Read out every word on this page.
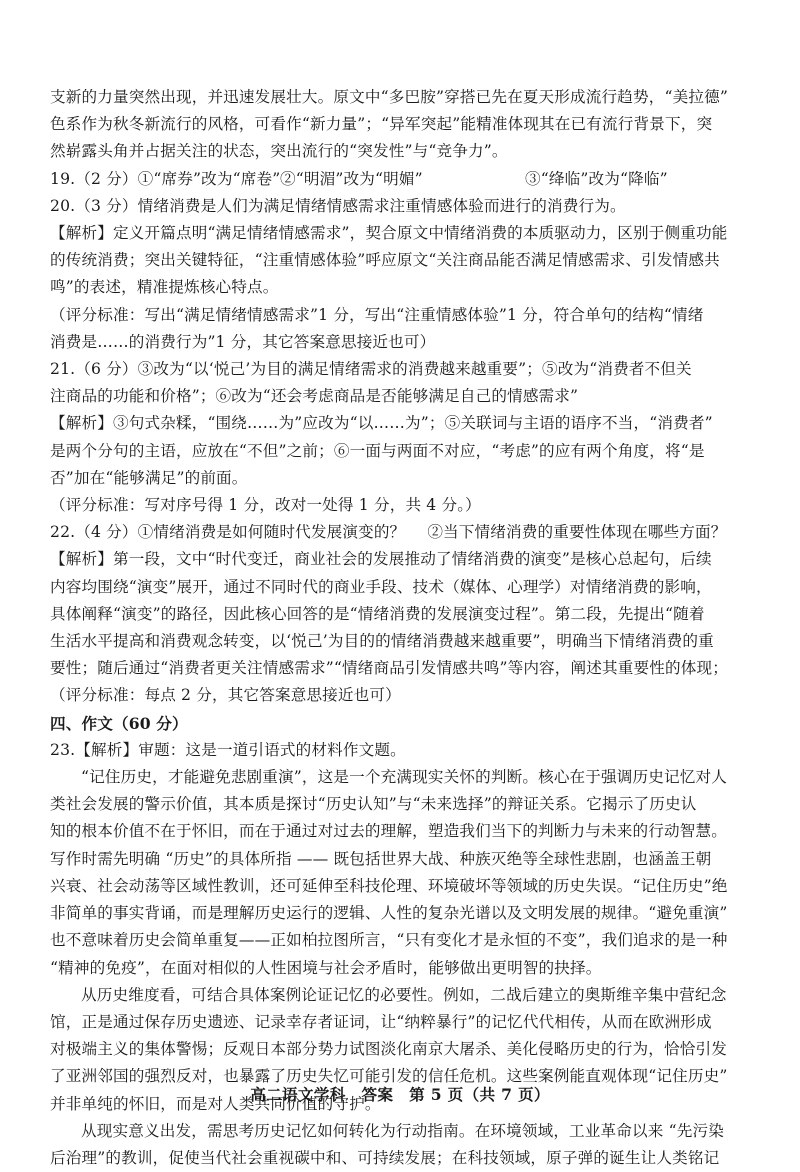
支新的力量突然出现，并迅速发展壮大。原文中“多巴胺”穿搭已先在夏天形成流行趋势，“美拉德”
色系作为秋冬新流行的风格，可看作“新力量”；“异军突起”能精准体现其在已有流行背景下，突
然崭露头角并占据关注的状态，突出流行的“突发性”与“竞争力”。
19.（2 分）①“席券”改为“席卷” ②“明湄”改为“明媚”	③“绛临”改为“降临”
20.（3 分）情绪消费是人们为满足情绪情感需求注重情感体验而进行的消费行为。
【解析】定义开篇点明“满足情绪情感需求”，契合原文中情绪消费的本质驱动力，区别于侧重功能
的传统消费；突出关键特征，“注重情感体验”呼应原文“关注商品能否满足情感需求、引发情感共
鸣”的表述，精准提炼核心特点。
（评分标准：写出“满足情绪情感需求”1 分，写出“注重情感体验”1 分，符合单句的结构“情绪
消费是……的消费行为”1 分，其它答案意思接近也可）
21.（6 分）③改为“以‘悦己’为目的满足情绪需求的消费越来越重要”；⑤改为“消费者不但关
注商品的功能和价格”；⑥改为“还会考虑商品是否能够满足自己的情感需求”
【解析】③句式杂糅，“围绕……为”应改为“以……为”；⑤关联词与主语的语序不当，“消费者”
是两个分句的主语，应放在“不但”之前；⑥一面与两面不对应，“考虑”的应有两个角度，将“是
否”加在“能够满足”的前面。
（评分标准：写对序号得 1 分，改对一处得 1 分，共 4 分。）
22.（4 分）①情绪消费是如何随时代发展演变的？ ②当下情绪消费的重要性体现在哪些方面？
【解析】第一段，文中“时代变迁，商业社会的发展推动了情绪消费的演变”是核心总起句，后续
内容均围绕“演变”展开，通过不同时代的商业手段、技术（媒体、心理学）对情绪消费的影响，
具体阐释“演变”的路径，因此核心回答的是“情绪消费的发展演变过程”。第二段，先提出“随着
生活水平提高和消费观念转变，以‘悦己’为目的的情绪消费越来越重要”，明确当下情绪消费的重
要性；随后通过“消费者更关注情感需求”“情绪商品引发情感共鸣”等内容，阐述其重要性的体现；
（评分标准：每点 2 分，其它答案意思接近也可）
四、作文（60 分）
23.【解析】审题：这是一道引语式的材料作文题。
“记住历史，才能避免悲剧重演”，这是一个充满现实关怀的判断。核心在于强调历史记忆对人
类社会发展的警示价值，其本质是探讨“历史认知”与“未来选择”的辩证关系。它揭示了历史认
知的根本价值不在于怀旧，而在于通过对过去的理解，塑造我们当下的判断力与未来的行动智慧。
写作时需先明确 “历史”的具体所指 —— 既包括世界大战、种族灭绝等全球性悲剧，也涵盖王朝
兴衰、社会动荡等区域性教训，还可延伸至科技伦理、环境破坏等领域的历史失误。“记住历史”绝
非简单的事实背诵，而是理解历史运行的逻辑、人性的复杂光谱以及文明发展的规律。“避免重演”
也不意味着历史会简单重复——正如柏拉图所言，“只有变化才是永恒的不变”，我们追求的是一种
“精神的免疫”，在面对相似的人性困境与社会矛盾时，能够做出更明智的抉择。
从历史维度看，可结合具体案例论证记忆的必要性。例如，二战后建立的奥斯维辛集中营纪念
馆，正是通过保存历史遗迹、记录幸存者证词，让“纳粹暴行”的记忆代代相传，从而在欧洲形成
对极端主义的集体警惕；反观日本部分势力试图淡化南京大屠杀、美化侵略历史的行为，恰恰引发
了亚洲邻国的强烈反对，也暴露了历史失忆可能引发的信任危机。这些案例能直观体现“记住历史”
并非单纯的怀旧，而是对人类共同价值的守护。
从现实意义出发，需思考历史记忆如何转化为行动指南。在环境领域，工业革命以来 “先污染
后治理”的教训，促使当代社会重视碳中和、可持续发展；在科技领域，原子弹的诞生让人类铭记
高二语文学科　答案　第 5 页（共 7 页）
